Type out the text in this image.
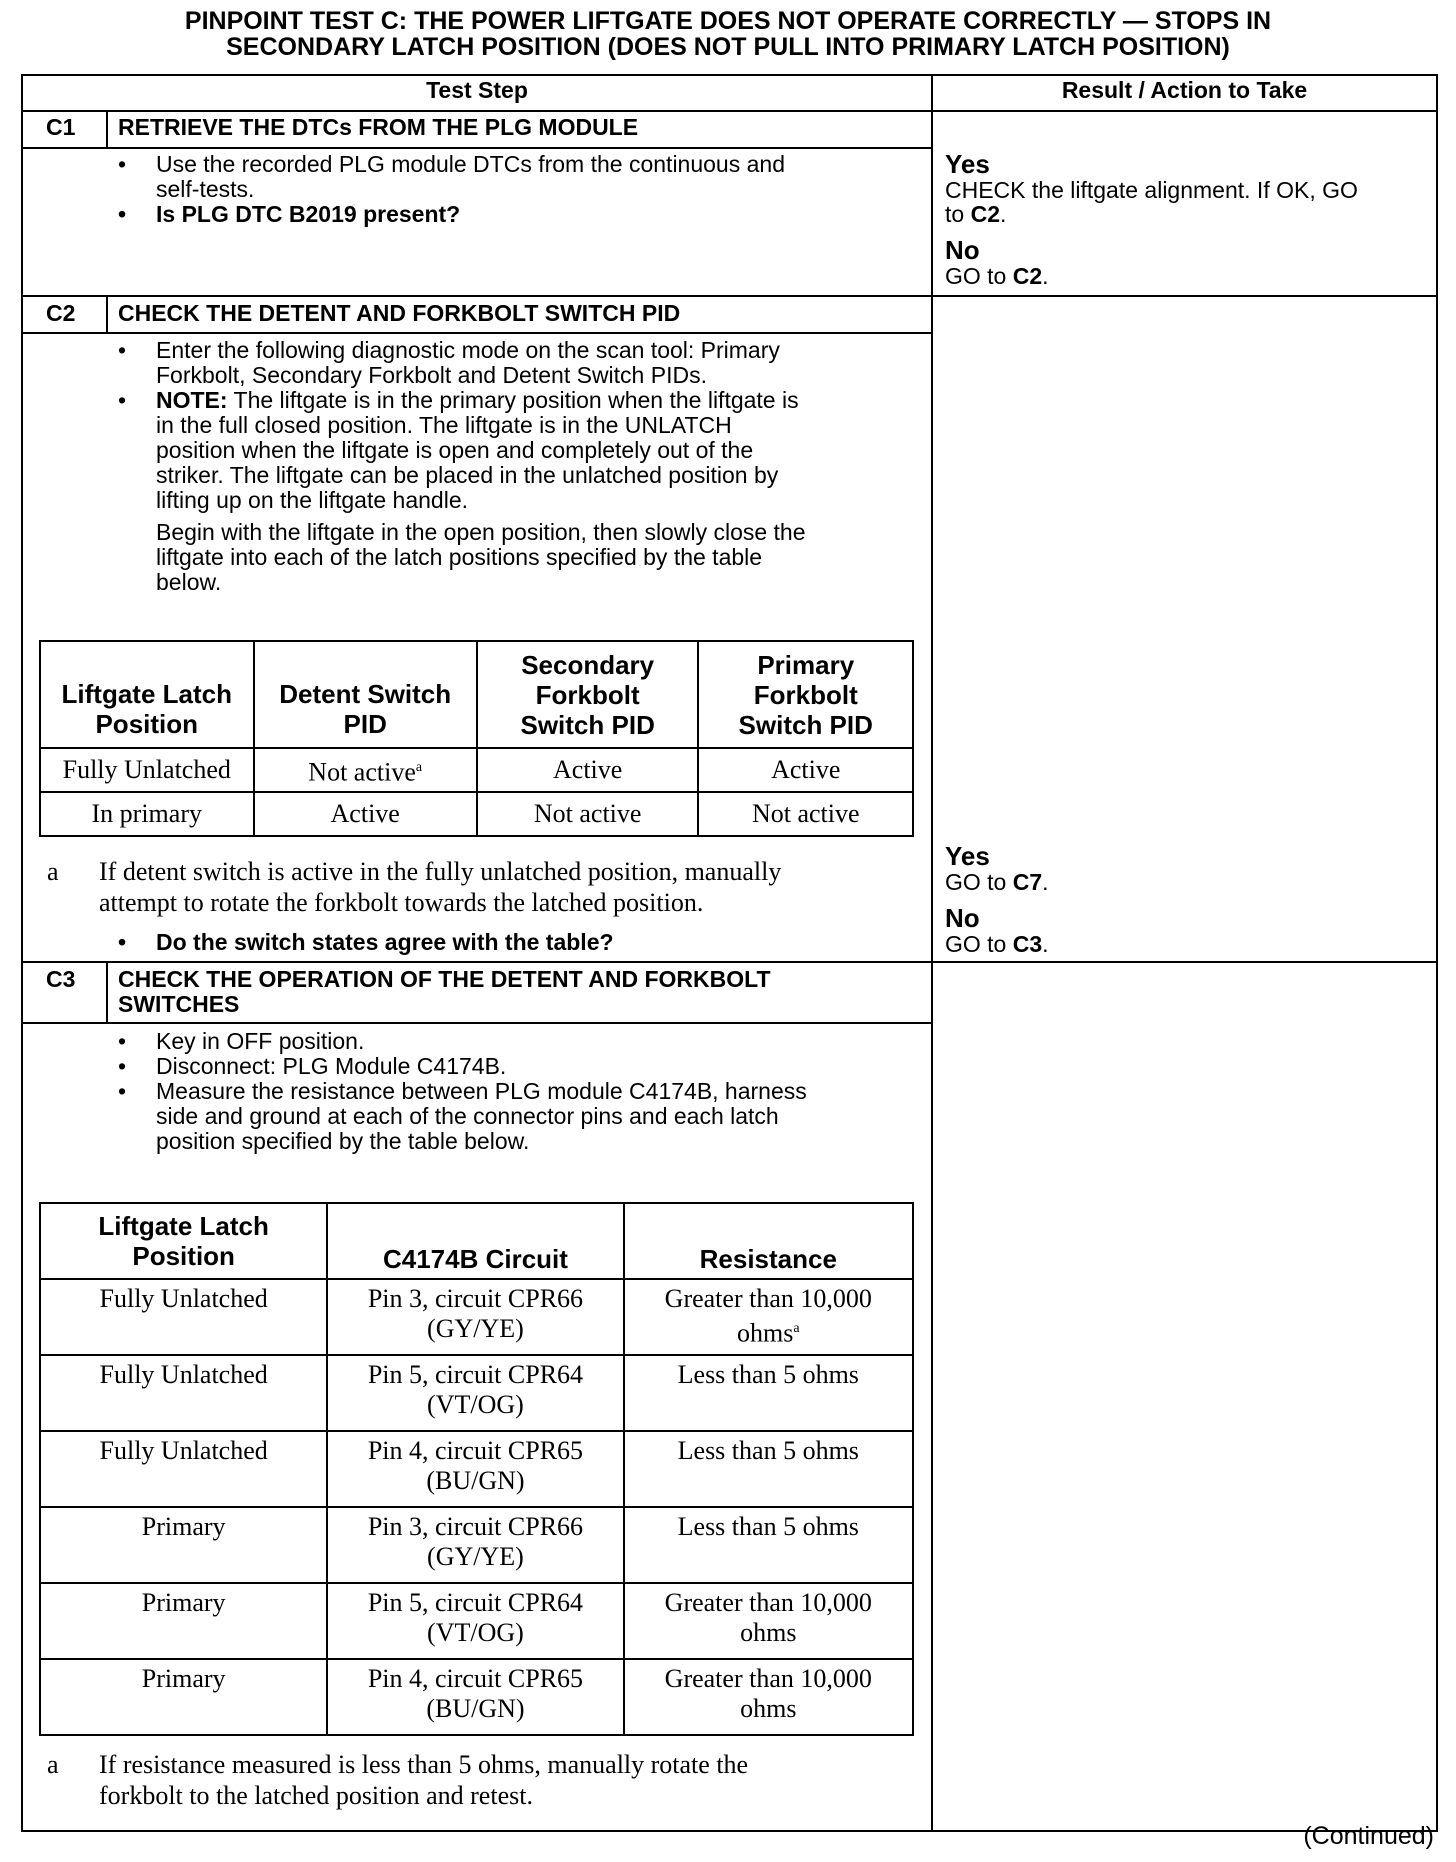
PINPOINT TEST C: THE POWER LIFTGATE DOES NOT OPERATE CORRECTLY — STOPS IN
SECONDARY LATCH POSITION (DOES NOT PULL INTO PRIMARY LATCH POSITION)
Test Step	Result / Action to Take
C1 RETRIEVE THE DTCs FROM THE PLG MODULE
• Use the recorded PLG module DTCs from the continuous and
self-tests.
• Is PLG DTC B2019 present?
Yes
CHECK the liftgate alignment. If OK, GO
to C2.
No
GO to C2.
C2 CHECK THE DETENT AND FORKBOLT SWITCH PID
• Enter the following diagnostic mode on the scan tool: Primary
Forkbolt, Secondary Forkbolt and Detent Switch PIDs.
• NOTE: The liftgate is in the primary position when the liftgate is
in the full closed position. The liftgate is in the UNLATCH
position when the liftgate is open and completely out of the
striker. The liftgate can be placed in the unlatched position by
lifting up on the liftgate handle.
Begin with the liftgate in the open position, then slowly close the
liftgate into each of the latch positions specified by the table
below.
Liftgate Latch
Position	Detent Switch
PID	Secondary
Forkbolt
Switch PID	Primary
Forkbolt
Switch PID
Fully Unlatched	Not active$^a$	Active	Active
In primary	Active	Not active	Not active
a If detent switch is active in the fully unlatched position, manually
attempt to rotate the forkbolt towards the latched position.
• Do the switch states agree with the table?
Yes
GO to C7.
No
GO to C3.
C3 CHECK THE OPERATION OF THE DETENT AND FORKBOLT
SWITCHES
• Key in OFF position.
• Disconnect: PLG Module C4174B.
• Measure the resistance between PLG module C4174B, harness
side and ground at each of the connector pins and each latch
position specified by the table below.
Liftgate Latch
Position	C4174B Circuit	Resistance
Fully Unlatched	Pin 3, circuit CPR66
(GY/YE)	Greater than 10,000
ohms$^a$
Fully Unlatched	Pin 5, circuit CPR64
(VT/OG)	Less than 5 ohms
Fully Unlatched	Pin 4, circuit CPR65
(BU/GN)	Less than 5 ohms
Primary	Pin 3, circuit CPR66
(GY/YE)	Less than 5 ohms
Primary	Pin 5, circuit CPR64
(VT/OG)	Greater than 10,000
ohms
Primary	Pin 4, circuit CPR65
(BU/GN)	Greater than 10,000
ohms
a If resistance measured is less than 5 ohms, manually rotate the
forkbolt to the latched position and retest.
(Continued)
